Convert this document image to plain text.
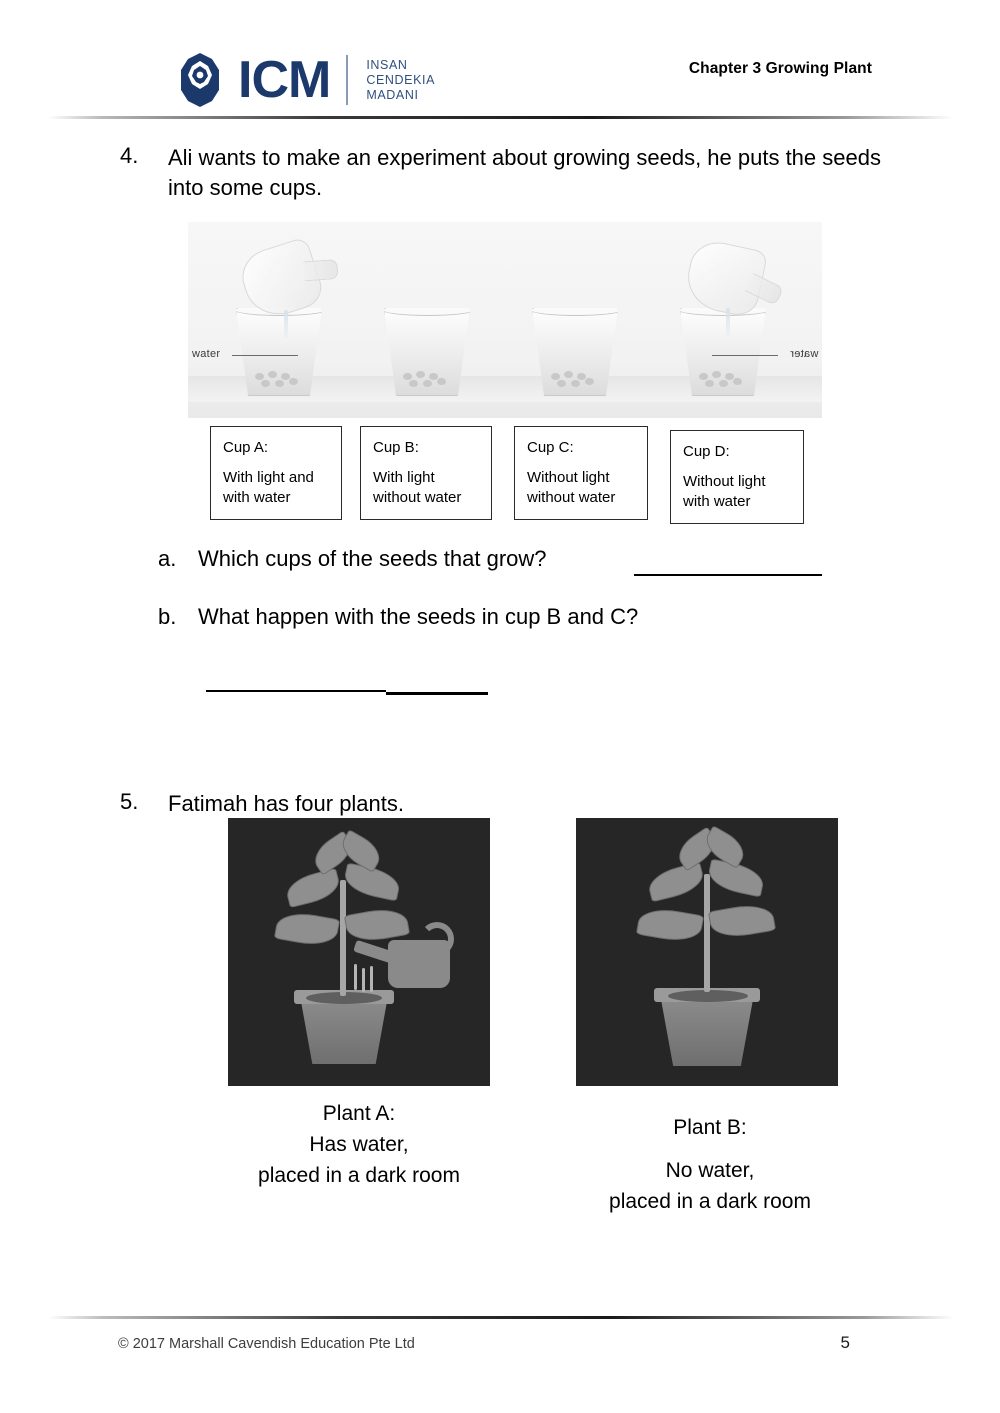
ICM	INSAN
CENDEKIA
MADANI
Chapter 3 Growing Plant
4. Ali wants to make an experiment about growing seeds, he puts the seeds into some cups.
water	water
Cup A:
With light and with water
Cup B:
With light without water
Cup C:
Without light without water
Cup D:
Without light with water
a. Which cups of the seeds that grow?
b. What happen with the seeds in cup B and C?
5. Fatimah has four plants.
Plant A:
Has water,
placed in a dark room
Plant B:
No water,
placed in a dark room
© 2017 Marshall Cavendish Education Pte Ltd	5
